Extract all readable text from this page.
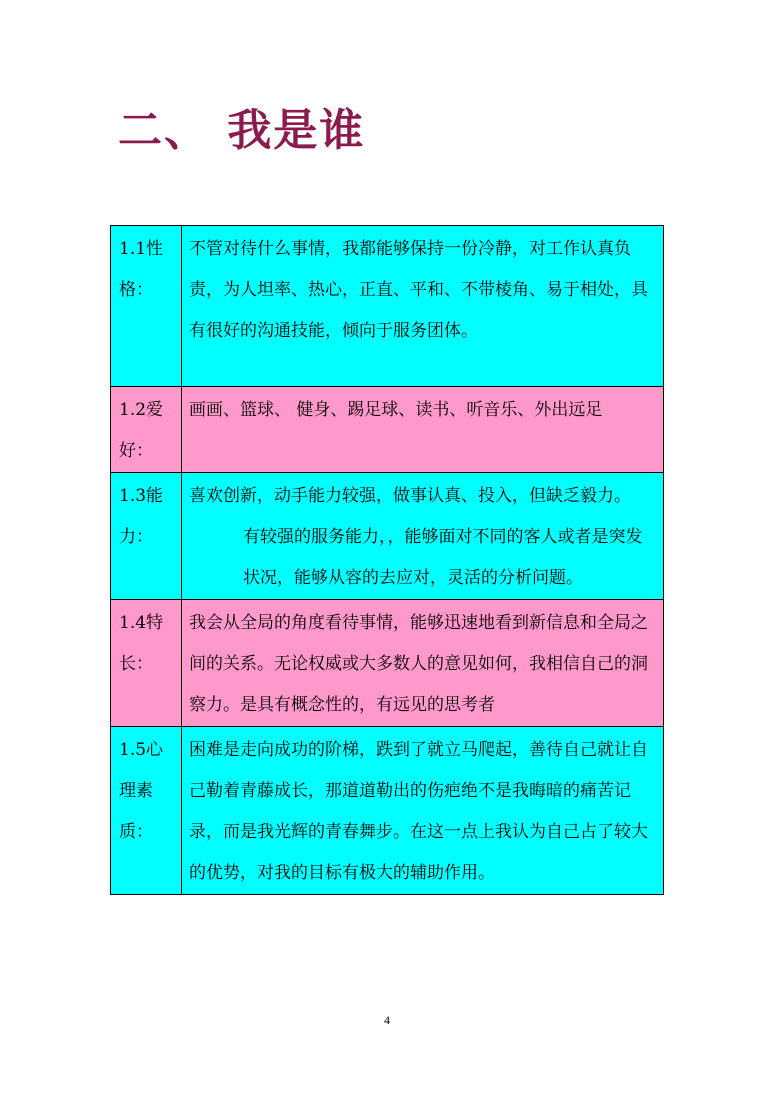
二、 我是谁
1.1性格：	不管对待什么事情，我都能够保持一份冷静，对工作认真负责，为人坦率、热心，正直、平和、不带棱角、易于相处，具有很好的沟通技能，倾向于服务团体。
1.2爱好：	画画、篮球、 健身、踢足球、读书、听音乐、外出远足
1.3能力：	喜欢创新，动手能力较强，做事认真、投入，但缺乏毅力。
有较强的服务能力，，能够面对不同的客人或者是突发状况，能够从容的去应对，灵活的分析问题。

1.4特长：	我会从全局的角度看待事情，能够迅速地看到新信息和全局之间的关系。无论权威或大多数人的意见如何，我相信自己的洞察力。是具有概念性的，有远见的思考者
1.5心理素质：	困难是走向成功的阶梯，跌到了就立马爬起，善待自己就让自己勒着青藤成长，那道道勒出的伤疤绝不是我晦暗的痛苦记录，而是我光辉的青春舞步。在这一点上我认为自己占了较大的优势，对我的目标有极大的辅助作用。
4
